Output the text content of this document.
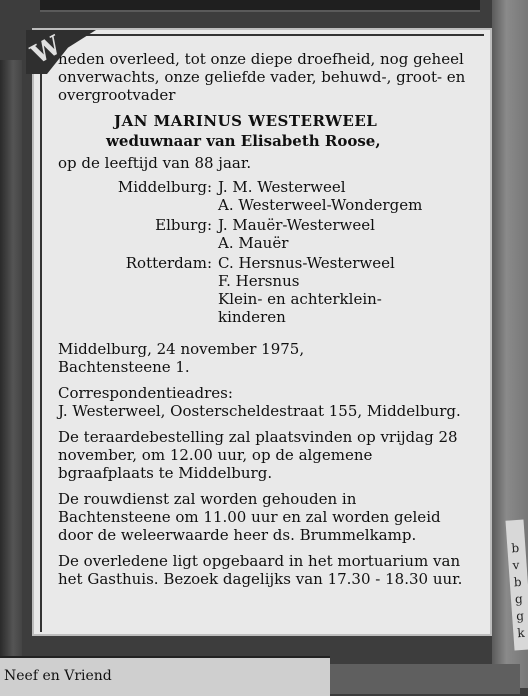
b v b g g k
Neef en Vriend

heden overleed, tot onze diepe droefheid, nog geheel onverwachts, onze geliefde vader, behuwd-, groot- en overgrootvader

JAN MARINUS WESTERWEEL

weduwnaar van Elisabeth Roose,

op de leeftijd van 88 jaar.

Middelburg: J. M. Westerweel
A. Westerweel-Wondergem
Elburg: J. Mauër-Westerweel
A. Mauër
Rotterdam: C. Hersnus-Westerweel
F. Hersnus
Klein- en achterklein-
kinderen

Middelburg, 24 november 1975,

Bachtensteene 1.

Correspondentieadres:

J. Westerweel, Oosterscheldestraat 155, Middelburg.

De teraardebestelling zal plaatsvinden op vrijdag 28 november, om 12.00 uur, op de algemene bgraafplaats te Middelburg.

De rouwdienst zal worden gehouden in Bachtensteene om 11.00 uur en zal worden geleid door de weleerwaarde heer ds. Brummelkamp.

De overledene ligt opgebaard in het mortuarium van het Gasthuis. Bezoek dagelijks van 17.30 - 18.30 uur.

W
